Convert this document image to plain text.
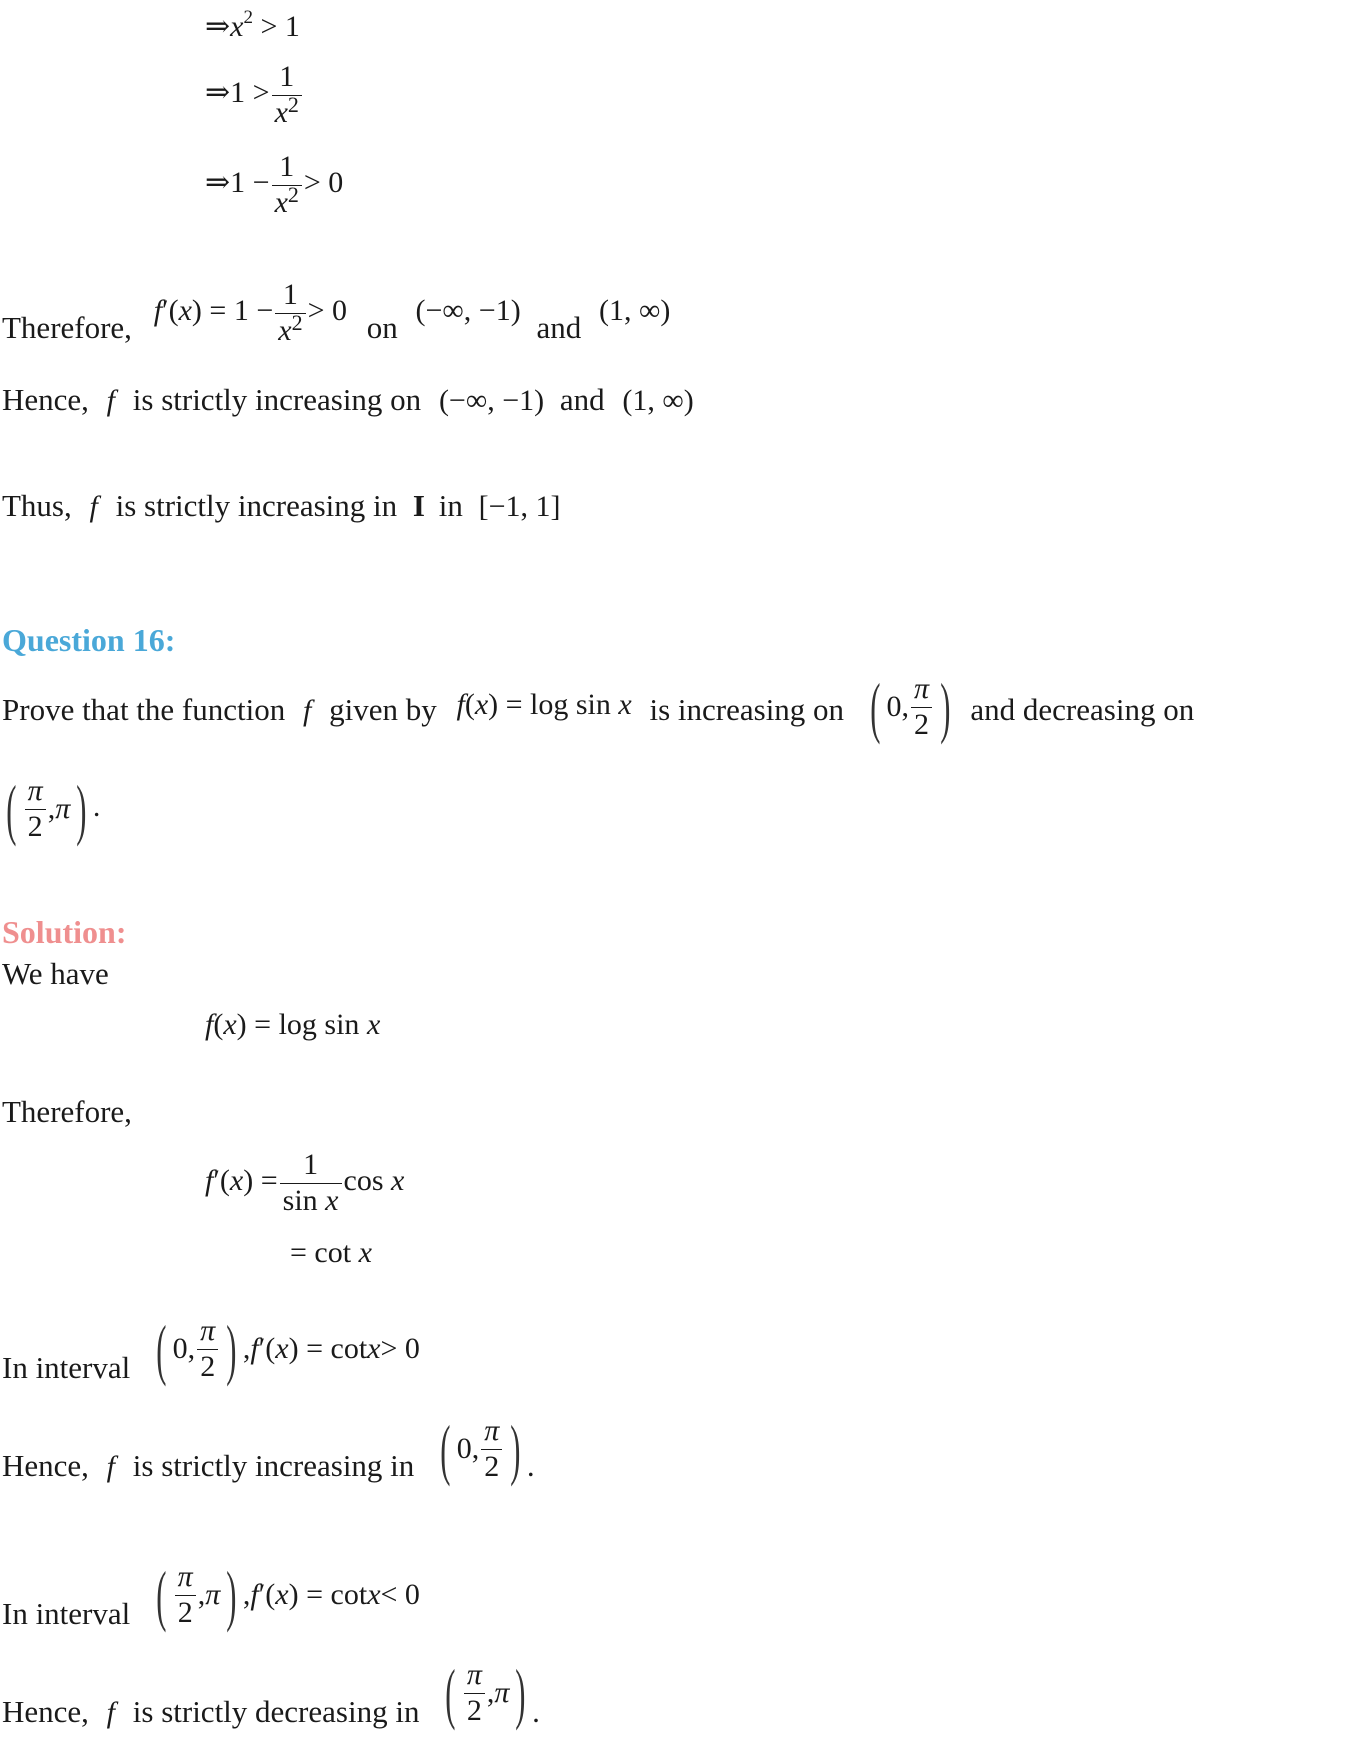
$\Rightarrow x^2 > 1$
⇒1 > $\frac{1}{x^2}$
⇒1 − $\frac{1}{x^2} > 0$
Therefore, $f'(x) = 1 - \frac{1}{x^2} > 0$ on (−∞, −1) and (1, ∞)
Hence, f is strictly increasing on (−∞, −1) and (1, ∞)
Thus, f is strictly increasing in I in [−1, 1]
Question 16:
Prove that the function f given by f(x) = log sin x is increasing on ( 0, $\frac{\pi}{2}$ ) and decreasing on
( $\frac{\pi}{2}$ , π ) .
Solution:
We have
f(x) = log sin x
Therefore,
$f'(x) = \frac{1}{\text{sin x}}$ cos x
= cot x
In interval ( 0, $\frac{\pi}{2}$ ) , f ′( x ) = cot x > 0
Hence, f is strictly increasing in ( 0, $\frac{\pi}{2}$ ) .
In interval ( $\frac{\pi}{2}$ , π ) , f ′( x ) = cot x < 0
Hence, f is strictly decreasing in ( $\frac{\pi}{2}$ , π ) .
